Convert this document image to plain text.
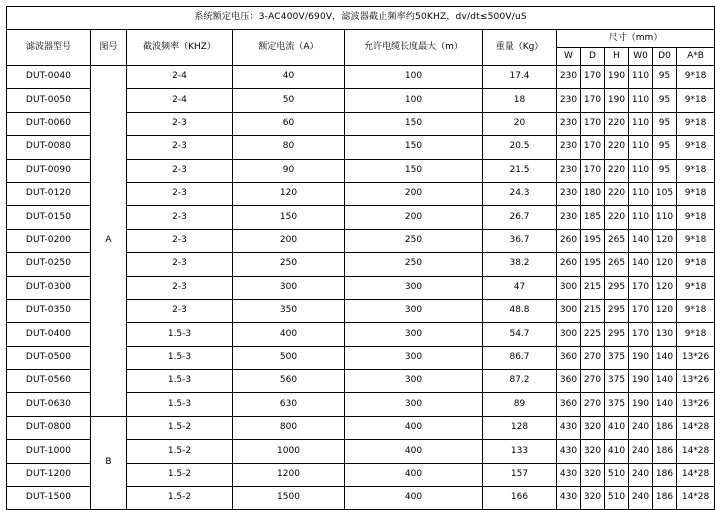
系统额定电压：3-AC400V/690V，滤波器截止频率约50KHZ，dv/dt≤500V/uS											
滤波器型号	图号	截波频率（KHZ）	额定电流（A）	允许电缆长度最大（m）	重量（Kg）	尺寸（mm）					
						W	D	H	W0	D0	A*B
DUT-0040	A	2-4	40	100	17.4	230	170	190	110	95	9*18
DUT-0050		2-4	50	100	18	230	170	190	110	95	9*18
DUT-0060		2-3	60	150	20	230	170	220	110	95	9*18
DUT-0080		2-3	80	150	20.5	230	170	220	110	95	9*18
DUT-0090		2-3	90	150	21.5	230	170	220	110	95	9*18
DUT-0120		2-3	120	200	24.3	230	180	220	110	105	9*18
DUT-0150		2-3	150	200	26.7	230	185	220	110	110	9*18
DUT-0200		2-3	200	250	36.7	260	195	265	140	120	9*18
DUT-0250		2-3	250	250	38.2	260	195	265	140	120	9*18
DUT-0300		2-3	300	300	47	300	215	295	170	120	9*18
DUT-0350		2-3	350	300	48.8	300	215	295	170	120	9*18
DUT-0400		1.5-3	400	300	54.7	300	225	295	170	130	9*18
DUT-0500		1.5-3	500	300	86.7	360	270	375	190	140	13*26
DUT-0560		1.5-3	560	300	87.2	360	270	375	190	140	13*26
DUT-0630		1.5-3	630	300	89	360	270	375	190	140	13*26
DUT-0800	B	1.5-2	800	400	128	430	320	410	240	186	14*28
DUT-1000		1.5-2	1000	400	133	430	320	410	240	186	14*28
DUT-1200		1.5-2	1200	400	157	430	320	510	240	186	14*28
DUT-1500		1.5-2	1500	400	166	430	320	510	240	186	14*28
